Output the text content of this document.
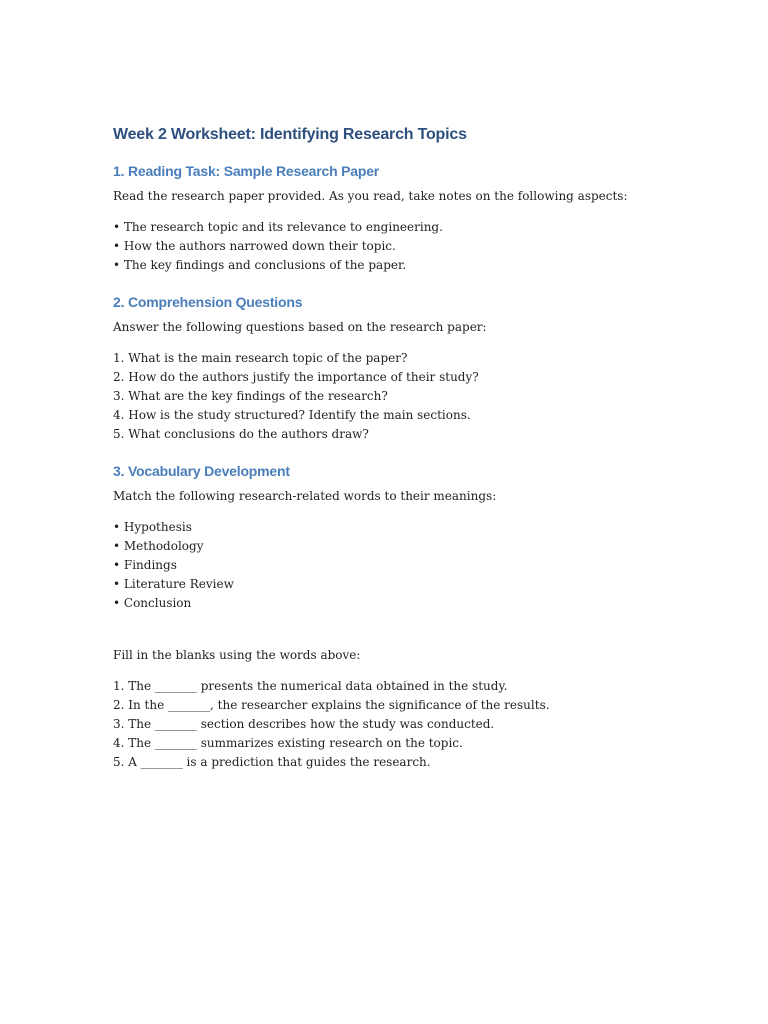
Week 2 Worksheet: Identifying Research Topics
1. Reading Task: Sample Research Paper

Read the research paper provided. As you read, take notes on the following aspects:

• The research topic and its relevance to engineering.
• How the authors narrowed down their topic.
• The key findings and conclusions of the paper.
2. Comprehension Questions

Answer the following questions based on the research paper:

1. What is the main research topic of the paper?
2. How do the authors justify the importance of their study?
3. What are the key findings of the research?
4. How is the study structured? Identify the main sections.
5. What conclusions do the authors draw?
3. Vocabulary Development

Match the following research-related words to their meanings:

• Hypothesis
• Methodology
• Findings
• Literature Review
• Conclusion

Fill in the blanks using the words above:

1. The _______ presents the numerical data obtained in the study.
2. In the _______, the researcher explains the significance of the results.
3. The _______ section describes how the study was conducted.
4. The _______ summarizes existing research on the topic.
5. A _______ is a prediction that guides the research.
